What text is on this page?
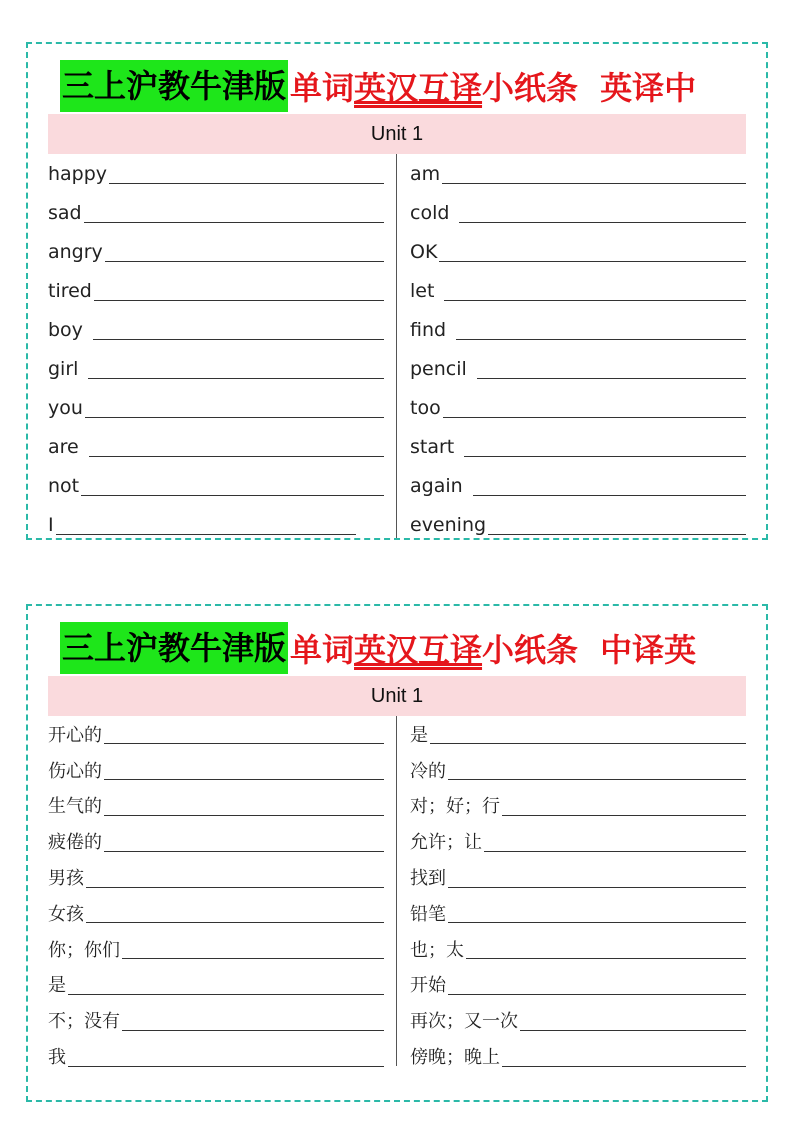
三上沪教牛津版 单词英汉互译小纸条 英译中
Unit 1
happy
sad
angry
tired
boy
girl
you
are
not
I
am
cold
OK
let
find
pencil
too
start
again
evening
三上沪教牛津版 单词英汉互译小纸条 中译英
Unit 1
开心的
伤心的
生气的
疲倦的
男孩
女孩
你；你们
是
不；没有
我
是
冷的
对；好；行
允许；让
找到
铅笔
也；太
开始
再次；又一次
傍晚；晚上
